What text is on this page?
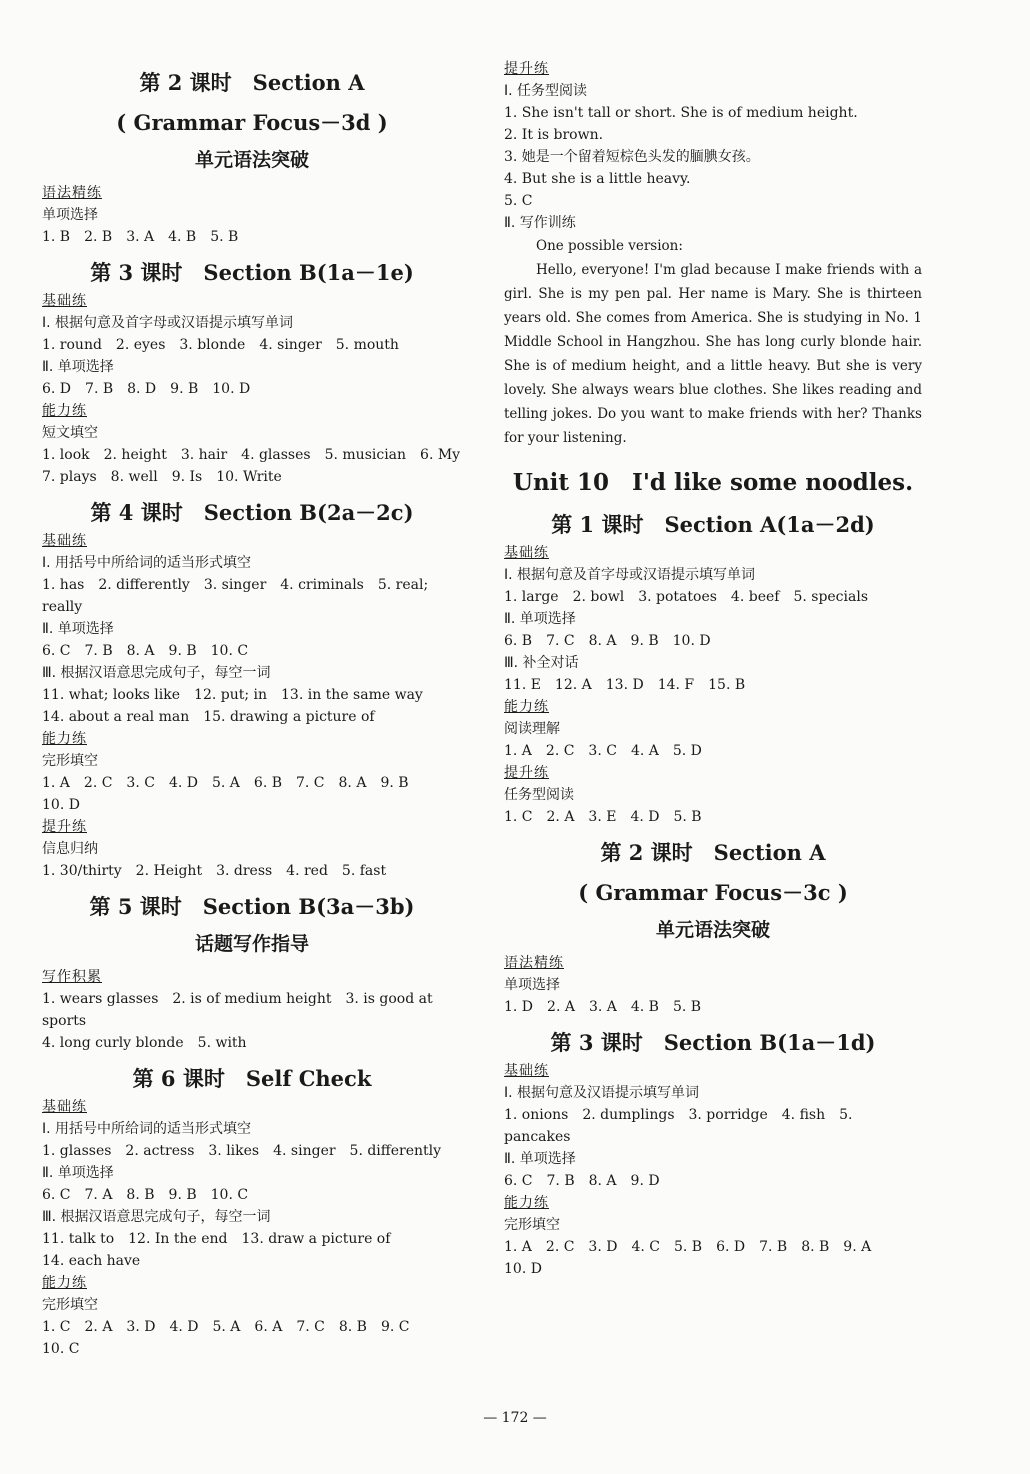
第 2 课时　Section A
( Grammar Focus－3d )
单元语法突破
语法精练
单项选择
1. B　2. B　3. A　4. B　5. B
第 3 课时　Section B(1a－1e)
基础练
Ⅰ. 根据句意及首字母或汉语提示填写单词
1. round　2. eyes　3. blonde　4. singer　5. mouth
Ⅱ. 单项选择
6. D　7. B　8. D　9. B　10. D
能力练
短文填空
1. look　2. height　3. hair　4. glasses　5. musician　6. My
7. plays　8. well　9. Is　10. Write
第 4 课时　Section B(2a－2c)
基础练
Ⅰ. 用括号中所给词的适当形式填空
1. has　2. differently　3. singer　4. criminals　5. real; really
Ⅱ. 单项选择
6. C　7. B　8. A　9. B　10. C
Ⅲ. 根据汉语意思完成句子，每空一词
11. what; looks like　12. put; in　13. in the same way
14. about a real man　15. drawing a picture of
能力练
完形填空
1. A　2. C　3. C　4. D　5. A　6. B　7. C　8. A　9. B
10. D
提升练
信息归纳
1. 30/thirty　2. Height　3. dress　4. red　5. fast
第 5 课时　Section B(3a－3b)
话题写作指导
写作积累
1. wears glasses　2. is of medium height　3. is good at sports
4. long curly blonde　5. with
第 6 课时　Self Check
基础练
Ⅰ. 用括号中所给词的适当形式填空
1. glasses　2. actress　3. likes　4. singer　5. differently
Ⅱ. 单项选择
6. C　7. A　8. B　9. B　10. C
Ⅲ. 根据汉语意思完成句子，每空一词
11. talk to　12. In the end　13. draw a picture of
14. each have
能力练
完形填空
1. C　2. A　3. D　4. D　5. A　6. A　7. C　8. B　9. C
10. C
提升练
Ⅰ. 任务型阅读
1. She isn't tall or short. She is of medium height.
2. It is brown.
3. 她是一个留着短棕色头发的腼腆女孩。
4. But she is a little heavy.
5. C
Ⅱ. 写作训练
One possible version:
Hello, everyone! I'm glad because I make friends with a girl. She is my pen pal. Her name is Mary. She is thirteen years old. She comes from America. She is studying in No. 1 Middle School in Hangzhou. She has long curly blonde hair. She is of medium height, and a little heavy. But she is very lovely. She always wears blue clothes. She likes reading and telling jokes. Do you want to make friends with her? Thanks for your listening.
Unit 10　I'd like some noodles.
第 1 课时　Section A(1a－2d)
基础练
Ⅰ. 根据句意及首字母或汉语提示填写单词
1. large　2. bowl　3. potatoes　4. beef　5. specials
Ⅱ. 单项选择
6. B　7. C　8. A　9. B　10. D
Ⅲ. 补全对话
11. E　12. A　13. D　14. F　15. B
能力练
阅读理解
1. A　2. C　3. C　4. A　5. D
提升练
任务型阅读
1. C　2. A　3. E　4. D　5. B
第 2 课时　Section A
( Grammar Focus－3c )
单元语法突破
语法精练
单项选择
1. D　2. A　3. A　4. B　5. B
第 3 课时　Section B(1a－1d)
基础练
Ⅰ. 根据句意及汉语提示填写单词
1. onions　2. dumplings　3. porridge　4. fish　5. pancakes
Ⅱ. 单项选择
6. C　7. B　8. A　9. D
能力练
完形填空
1. A　2. C　3. D　4. C　5. B　6. D　7. B　8. B　9. A
10. D
— 172 —
